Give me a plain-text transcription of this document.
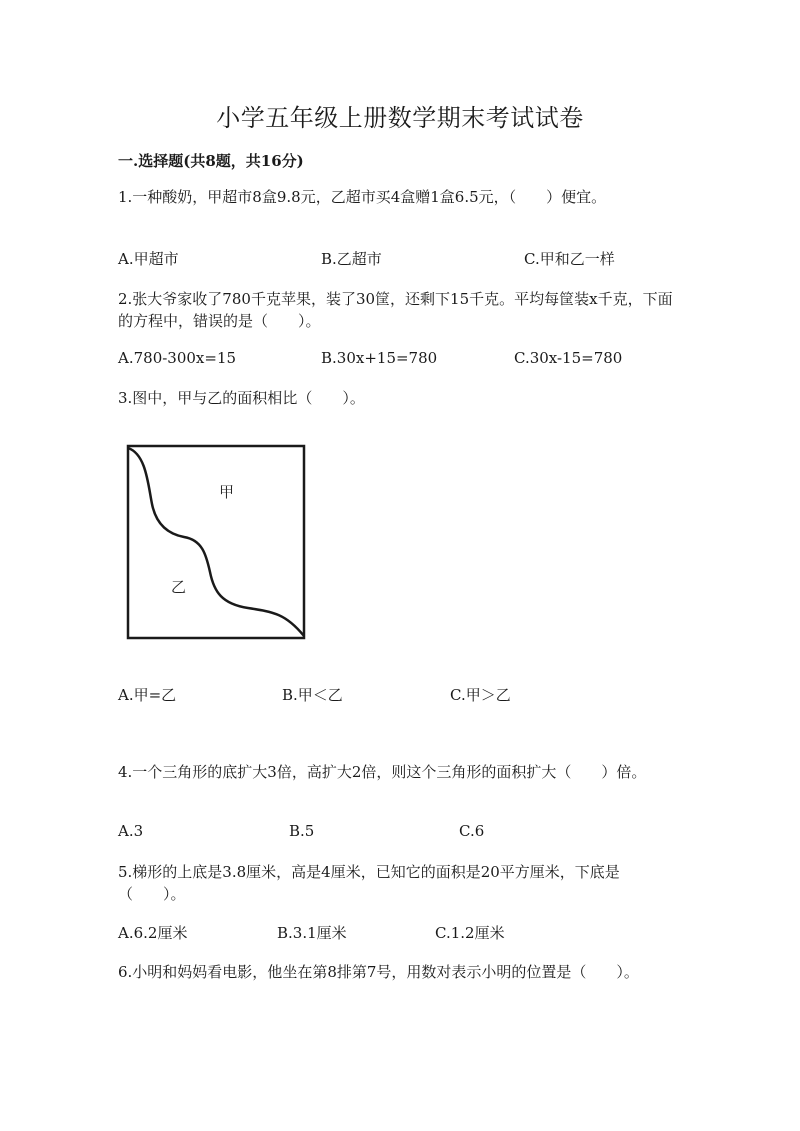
小学五年级上册数学期末考试试卷
一.选择题(共8题，共16分)
1.一种酸奶，甲超市8盒9.8元，乙超市买4盒赠1盒6.5元，（　　）便宜。
A.甲超市	B.乙超市	C.甲和乙一样
2.张大爷家收了780千克苹果，装了30筐，还剩下15千克。平均每筐装x千克，下面的方程中，错误的是（　　）。
A.780-300x=15	B.30x+15=780	C.30x-15=780
3.图中，甲与乙的面积相比（　　）。
甲
乙
A.甲=乙	B.甲＜乙	C.甲＞乙
4.一个三角形的底扩大3倍，高扩大2倍，则这个三角形的面积扩大（　　）倍。
A.3	B.5	C.6
5.梯形的上底是3.8厘米，高是4厘米，已知它的面积是20平方厘米，下底是（　　）。
A.6.2厘米	B.3.1厘米	C.1.2厘米
6.小明和妈妈看电影，他坐在第8排第7号，用数对表示小明的位置是（　　）。
